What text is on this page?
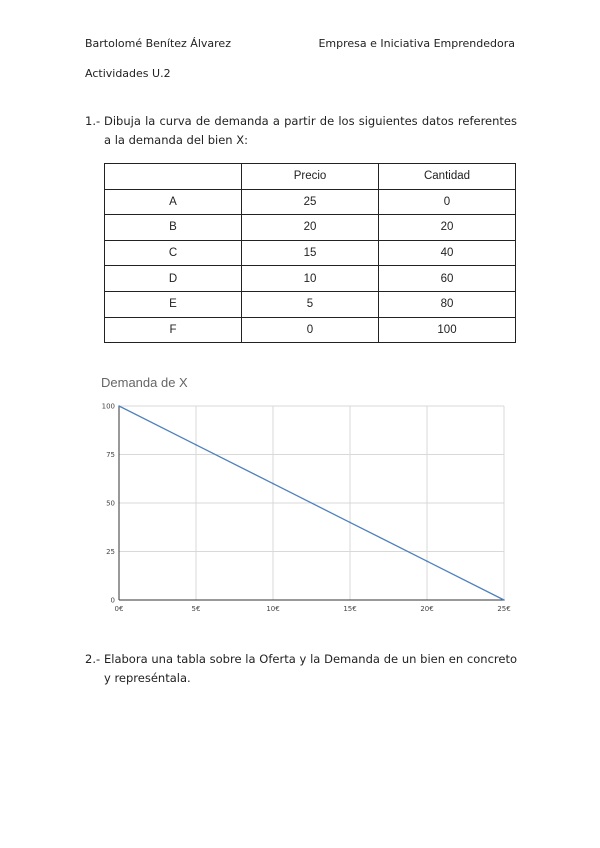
Bartolomé Benítez Álvarez	Empresa e Iniciativa Emprendedora
Actividades U.2
1.- Dibuja la curva de demanda a partir de los siguientes datos referentes a la demanda del bien X:
	Precio	Cantidad
A	25	0
B	20	20
C	15	40
D	10	60
E	5	80
F	0	100
Demanda de X
0€	5€	10€	15€	20€	25€
0
25
50
75
100
2.- Elabora una tabla sobre la Oferta y la Demanda de un bien en concreto y represéntala.
